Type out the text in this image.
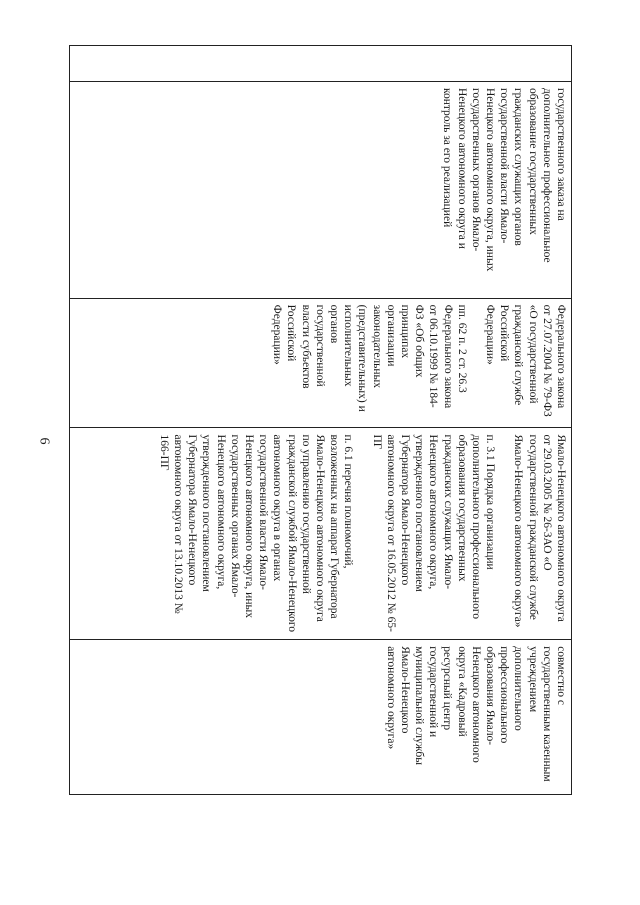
6

государственного заказа на дополнительное профессиональное образование государственных гражданских служащих органов государственной власти Ямало-Ненецкого автономного округа, иных государственных органов Ямало-Ненецкого автономного округа и контроль за его реализацией

Федерального закона от 27.07.2004 № 79-ФЗ «О государственной гражданской службе Российской Федерации»

пп. 62 п. 2 ст. 26.3 Федерального закона от 06.10.1999 № 184-ФЗ «Об общих принципах организации законодательных (представительных) и исполнительных органов государственной власти субъектов Российской Федерации»

Ямало-Ненецкого автономного округа от 29.03.2005 № 26-ЗАО «О государственной гражданской службе Ямало-Ненецкого автономного округа»

п. 3.1 Порядка организации дополнительного профессионального образования государственных гражданских служащих Ямало-Ненецкого автономного округа, утвержденного постановлением Губернатора Ямало-Ненецкого автономного округа от 16.05.2012 № 65-ПГ

п. 6.1 перечня полномочий, возложенных на аппарат Губернатора Ямало-Ненецкого автономного округа по управлению государственной гражданской службой Ямало-Ненецкого автономного округа в органах государственной власти Ямало-Ненецкого автономного округа, иных государственных органах Ямало-Ненецкого автономного округа, утвержденного постановлением Губернатора Ямало-Ненецкого автономного округа от 13.10.2013 № 166-ПГ

совместно с государственным казенным учреждением дополнительного профессионального образования Ямало-Ненецкого автономного округа «Кадровый ресурсный центр государственной и муниципальной службы Ямало-Ненецкого автономного округа»
